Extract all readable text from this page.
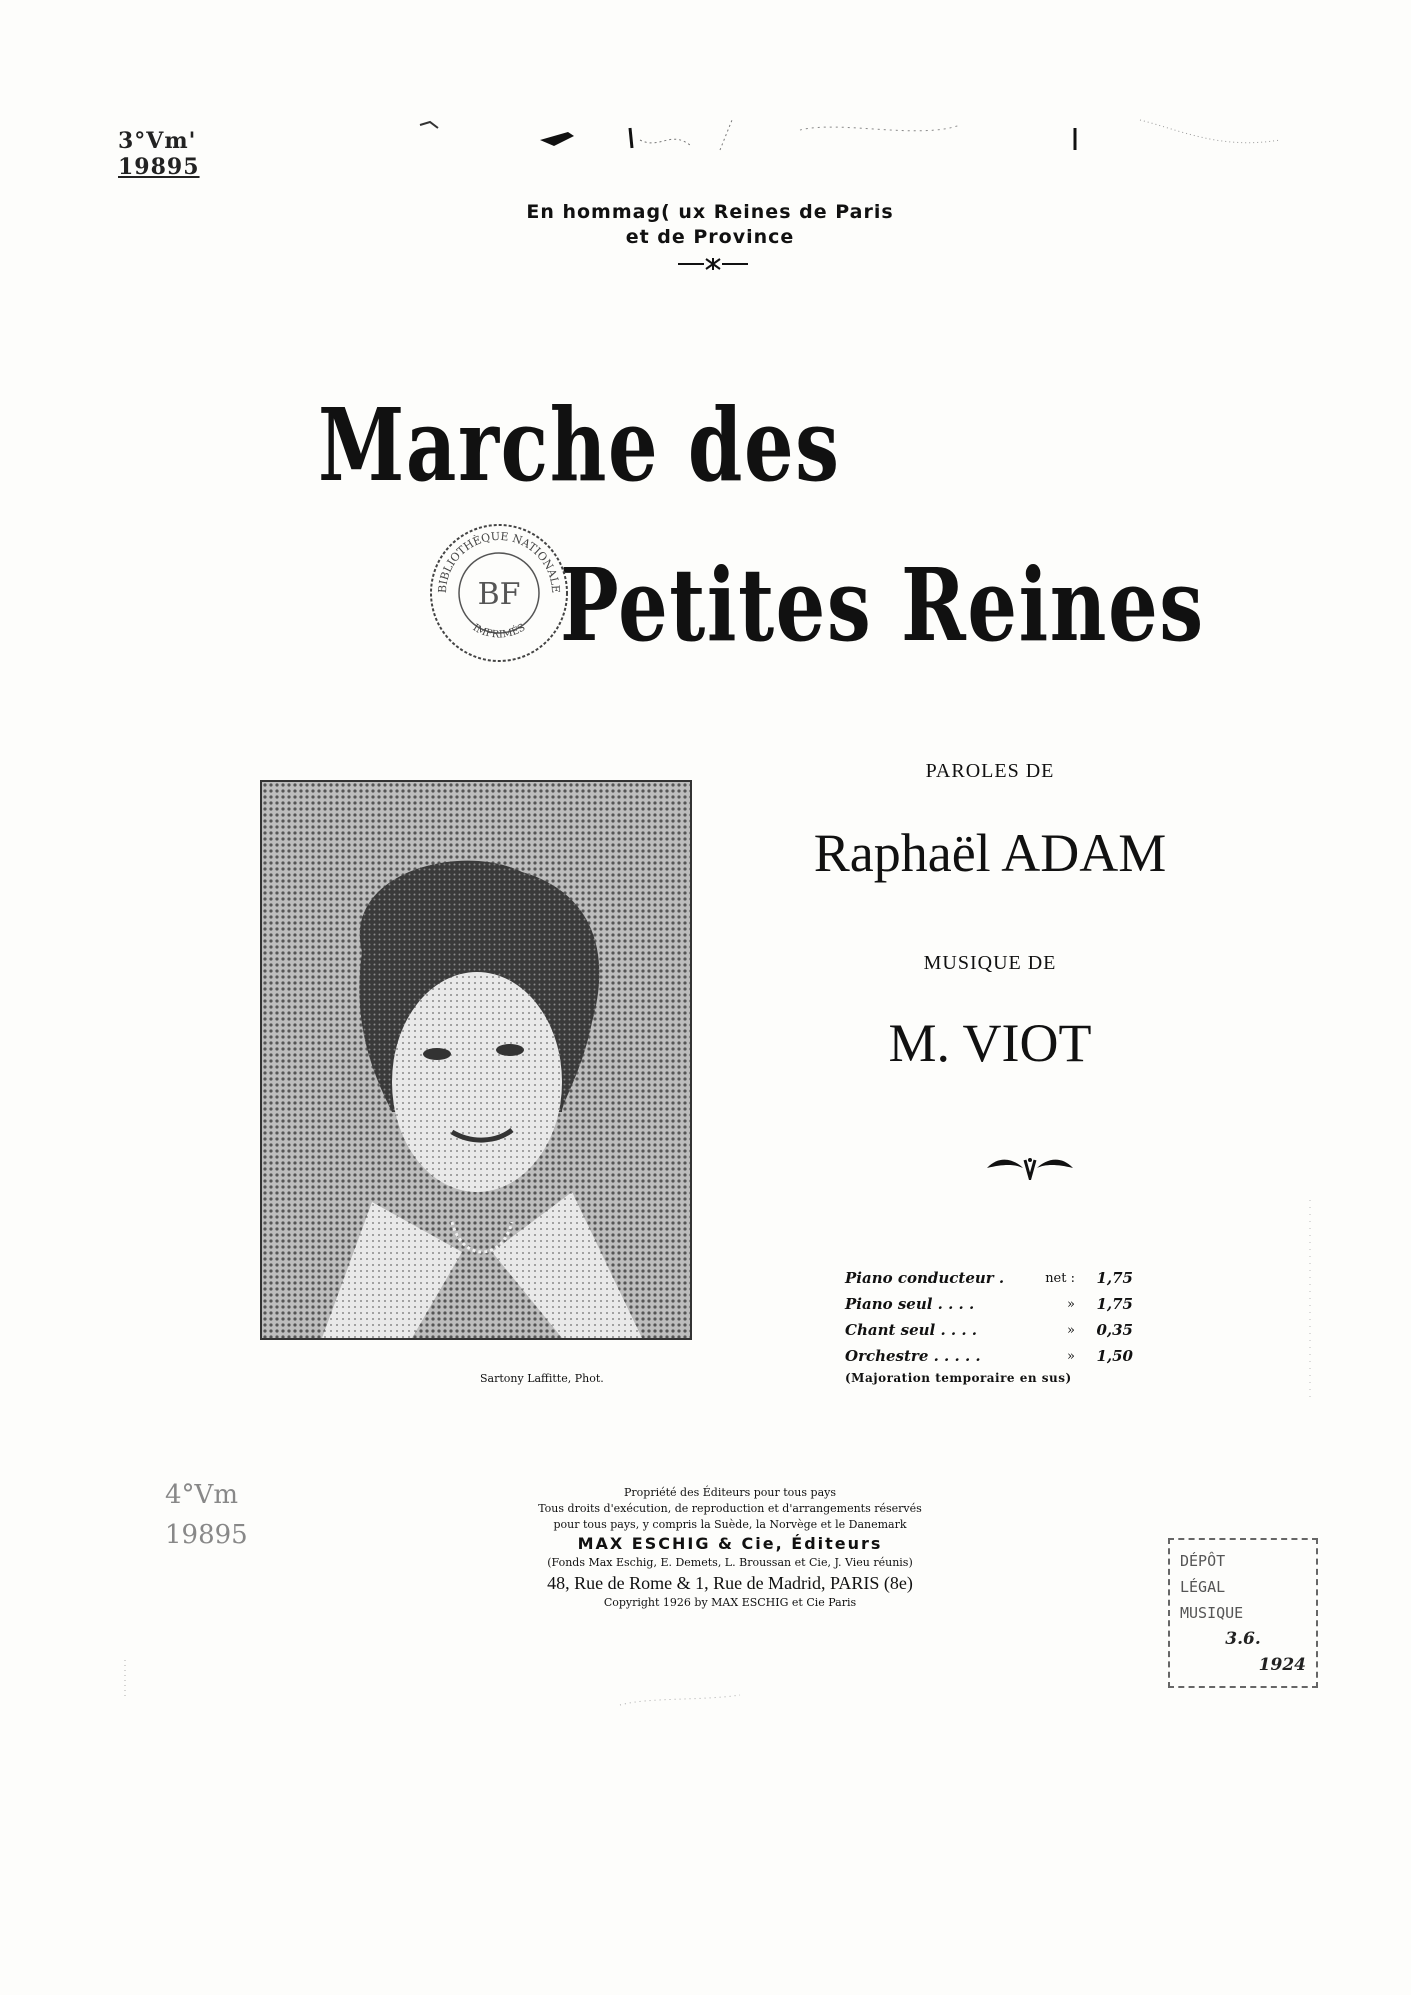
3°Vm'
19895
En hommag( ux Reines de Paris
et de Province
Marche des
Petites Reines
BIBLIOTHÈQUE NATIONALE
IMPRIMÉS
BF
Sartony Laffitte, Phot.
PAROLES DE
Raphaël ADAM
MUSIQUE DE
M. VIOT
Piano conducteur .	net :	1,75
Piano seul . . . .	»	1,75
Chant seul . . . .	»	0,35
Orchestre . . . . .	»	1,50
(Majoration temporaire en sus)
4°Vm
19895
Propriété des Éditeurs pour tous pays
Tous droits d'exécution, de reproduction et d'arrangements réservés
pour tous pays, y compris la Suède, la Norvège et le Danemark
MAX ESCHIG & Cie, Éditeurs
(Fonds Max Eschig, E. Demets, L. Broussan et Cie, J. Vieu réunis)
48, Rue de Rome & 1, Rue de Madrid, PARIS (8e)
Copyright 1926 by MAX ESCHIG et Cie Paris
DÉPÔT
LÉGAL
MUSIQUE
3.6.
1924
